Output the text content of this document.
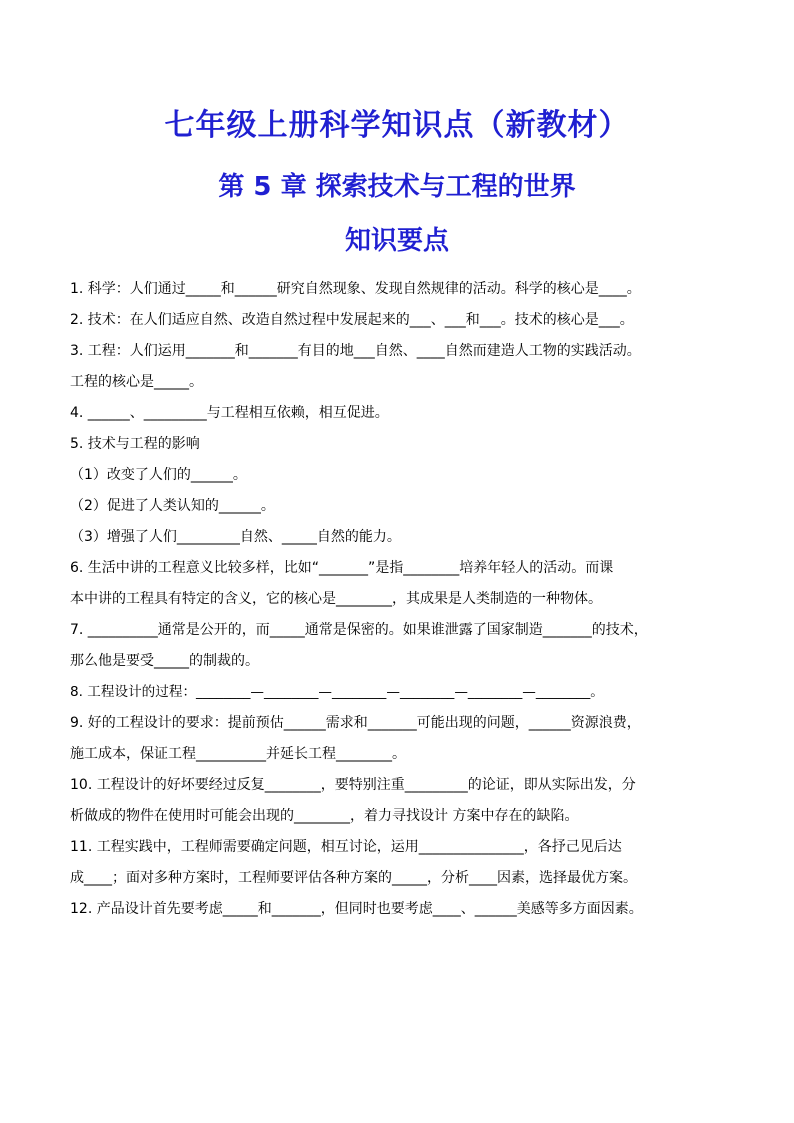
七年级上册科学知识点（新教材）
第 5 章 探索技术与工程的世界
知识要点
1. 科学：人们通过_____和______研究自然现象、发现自然规律的活动。科学的核心是____。
2. 技术：在人们适应自然、改造自然过程中发展起来的___、___和___。技术的核心是___。
3. 工程：人们运用_______和_______有目的地___自然、____自然而建造人工物的实践活动。
工程的核心是_____。
4. ______、_________与工程相互依赖，相互促进。
5. 技术与工程的影响
（1）改变了人们的______。
（2）促进了人类认知的______。
（3）增强了人们_________自然、_____自然的能力。
6. 生活中讲的工程意义比较多样，比如“_______”是指________培养年轻人的活动。而课
本中讲的工程具有特定的含义，它的核心是________，其成果是人类制造的一种物体。
7. __________通常是公开的，而_____通常是保密的。如果谁泄露了国家制造_______的技术，
那么他是要受_____的制裁的。
8. 工程设计的过程：________—________—________—________—________—________。
9. 好的工程设计的要求：提前预估______需求和_______可能出现的问题，______资源浪费，
施工成本，保证工程__________并延长工程________。
10. 工程设计的好坏要经过反复________，要特别注重_________的论证，即从实际出发，分
析做成的物件在使用时可能会出现的________，着力寻找设计 方案中存在的缺陷。
11. 工程实践中，工程师需要确定问题，相互讨论，运用_______________，各抒己见后达
成____；面对多种方案时，工程师要评估各种方案的_____，分析____因素，选择最优方案。
12. 产品设计首先要考虑_____和_______，但同时也要考虑____、______美感等多方面因素。
